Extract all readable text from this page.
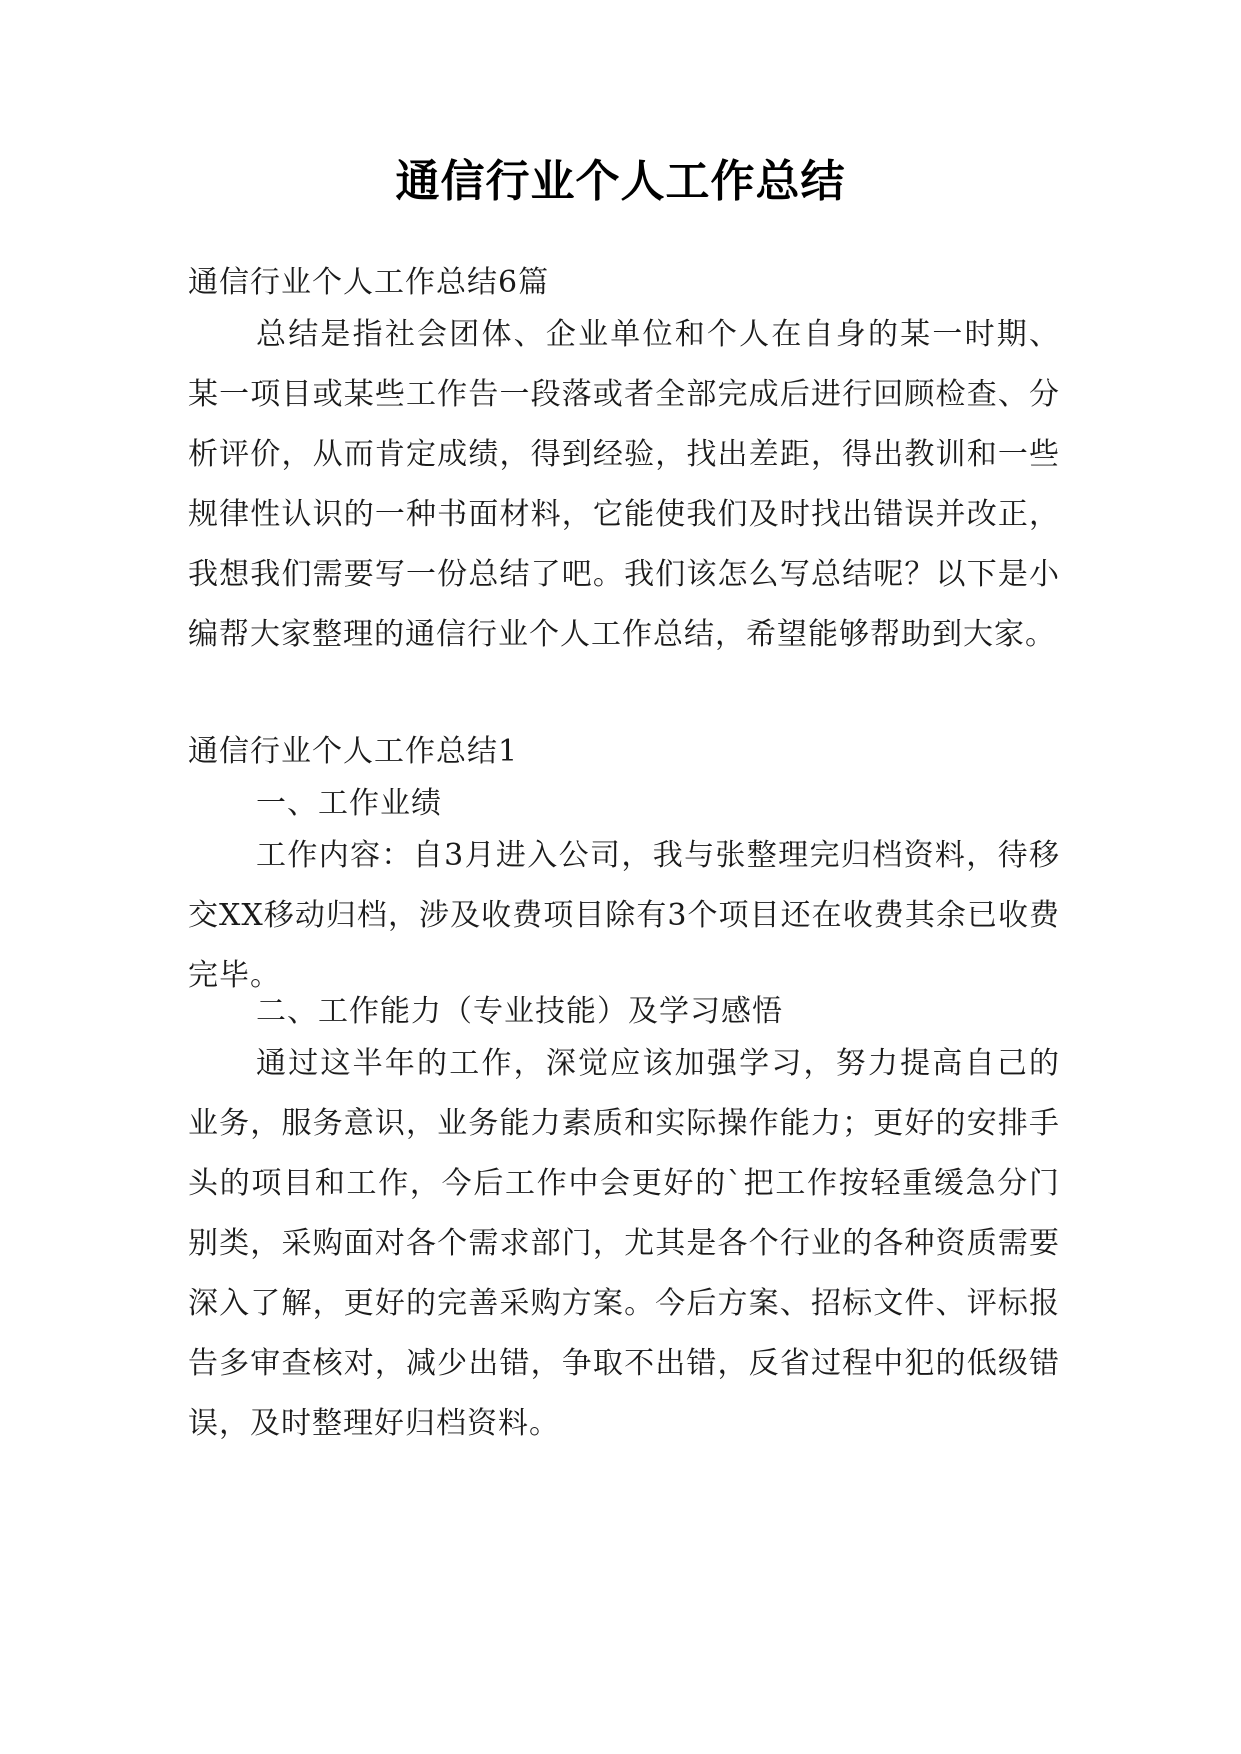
通信行业个人工作总结

通信行业个人工作总结6篇

总结是指社会团体、企业单位和个人在自身的某一时期、某一项目或某些工作告一段落或者全部完成后进行回顾检查、分析评价，从而肯定成绩，得到经验，找出差距，得出教训和一些规律性认识的一种书面材料，它能使我们及时找出错误并改正，我想我们需要写一份总结了吧。我们该怎么写总结呢？以下是小编帮大家整理的通信行业个人工作总结，希望能够帮助到大家。

通信行业个人工作总结1

一、工作业绩

工作内容：自3月进入公司，我与张整理完归档资料，待移交XX移动归档，涉及收费项目除有3个项目还在收费其余已收费完毕。

二、工作能力（专业技能）及学习感悟

通过这半年的工作，深觉应该加强学习，努力提高自己的业务，服务意识，业务能力素质和实际操作能力；更好的安排手头的项目和工作，今后工作中会更好的`把工作按轻重缓急分门别类，采购面对各个需求部门，尤其是各个行业的各种资质需要深入了解，更好的完善采购方案。今后方案、招标文件、评标报告多审查核对，减少出错，争取不出错，反省过程中犯的低级错误，及时整理好归档资料。
